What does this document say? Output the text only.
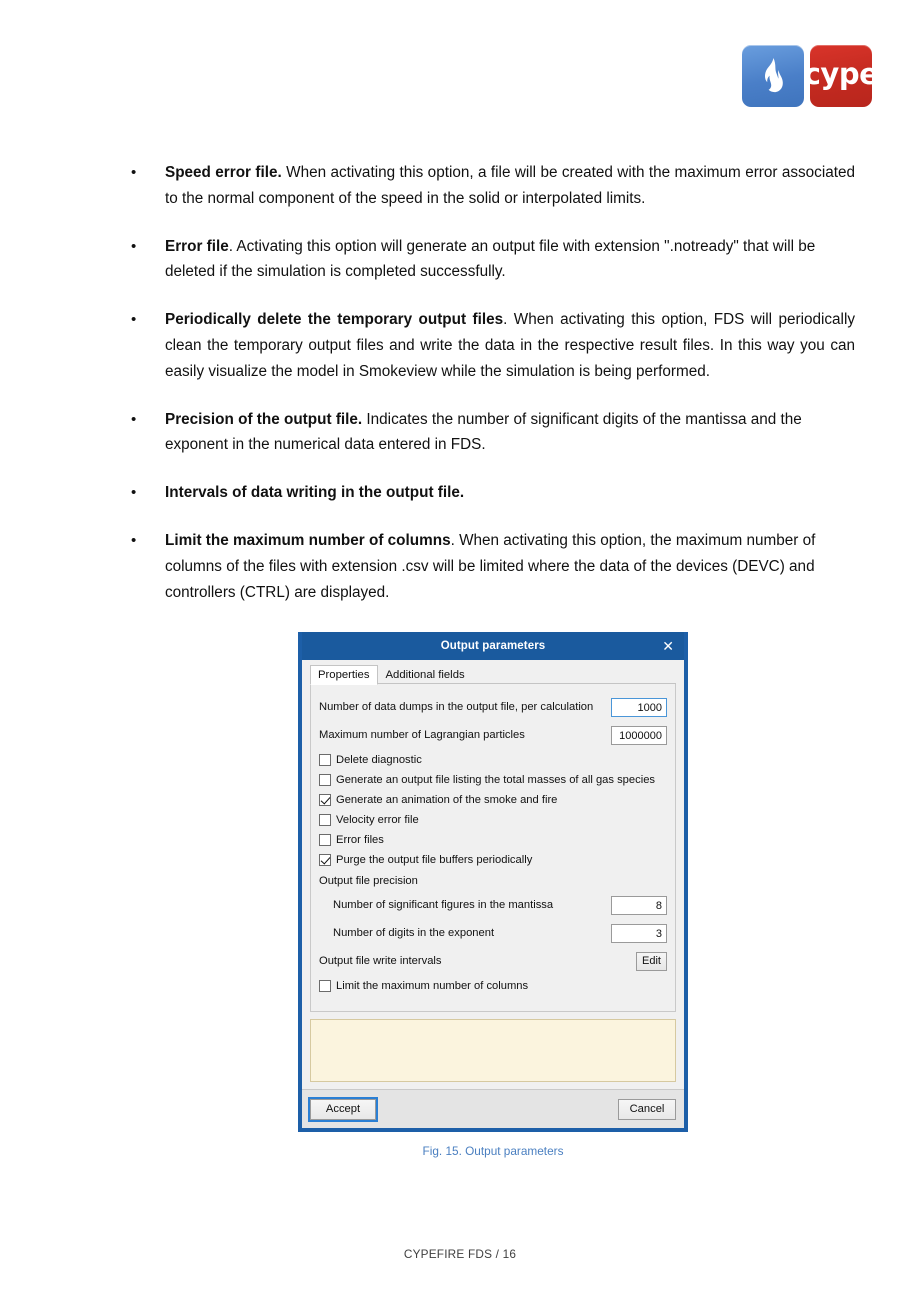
cype
•	Speed error file. When activating this option, a file will be created with the maximum error associated to the normal component of the speed in the solid or interpolated limits.
•	Error file. Activating this option will generate an output file with extension ".notready" that will be deleted if the simulation is completed successfully.
•	Periodically delete the temporary output files. When activating this option, FDS will periodically clean the temporary output files and write the data in the respective result files. In this way you can easily visualize the model in Smokeview while the simulation is being performed.
•	Precision of the output file. Indicates the number of significant digits of the mantissa and the exponent in the numerical data entered in FDS.
•	Intervals of data writing in the output file.
•	Limit the maximum number of columns. When activating this option, the maximum number of columns of the files with extension .csv will be limited where the data of the devices (DEVC) and controllers (CTRL) are displayed.
Output parameters	✕
Properties	Additional fields
Number of data dumps in the output file, per calculation	1000
Maximum number of Lagrangian particles	1000000
Delete diagnostic
Generate an output file listing the total masses of all gas species
Generate an animation of the smoke and fire
Velocity error file
Error files
Purge the output file buffers periodically
Output file precision
Number of significant figures in the mantissa	8
Number of digits in the exponent	3
Output file write intervals	Edit
Limit the maximum number of columns
Accept	Cancel
Fig. 15. Output parameters
CYPEFIRE FDS / 16
